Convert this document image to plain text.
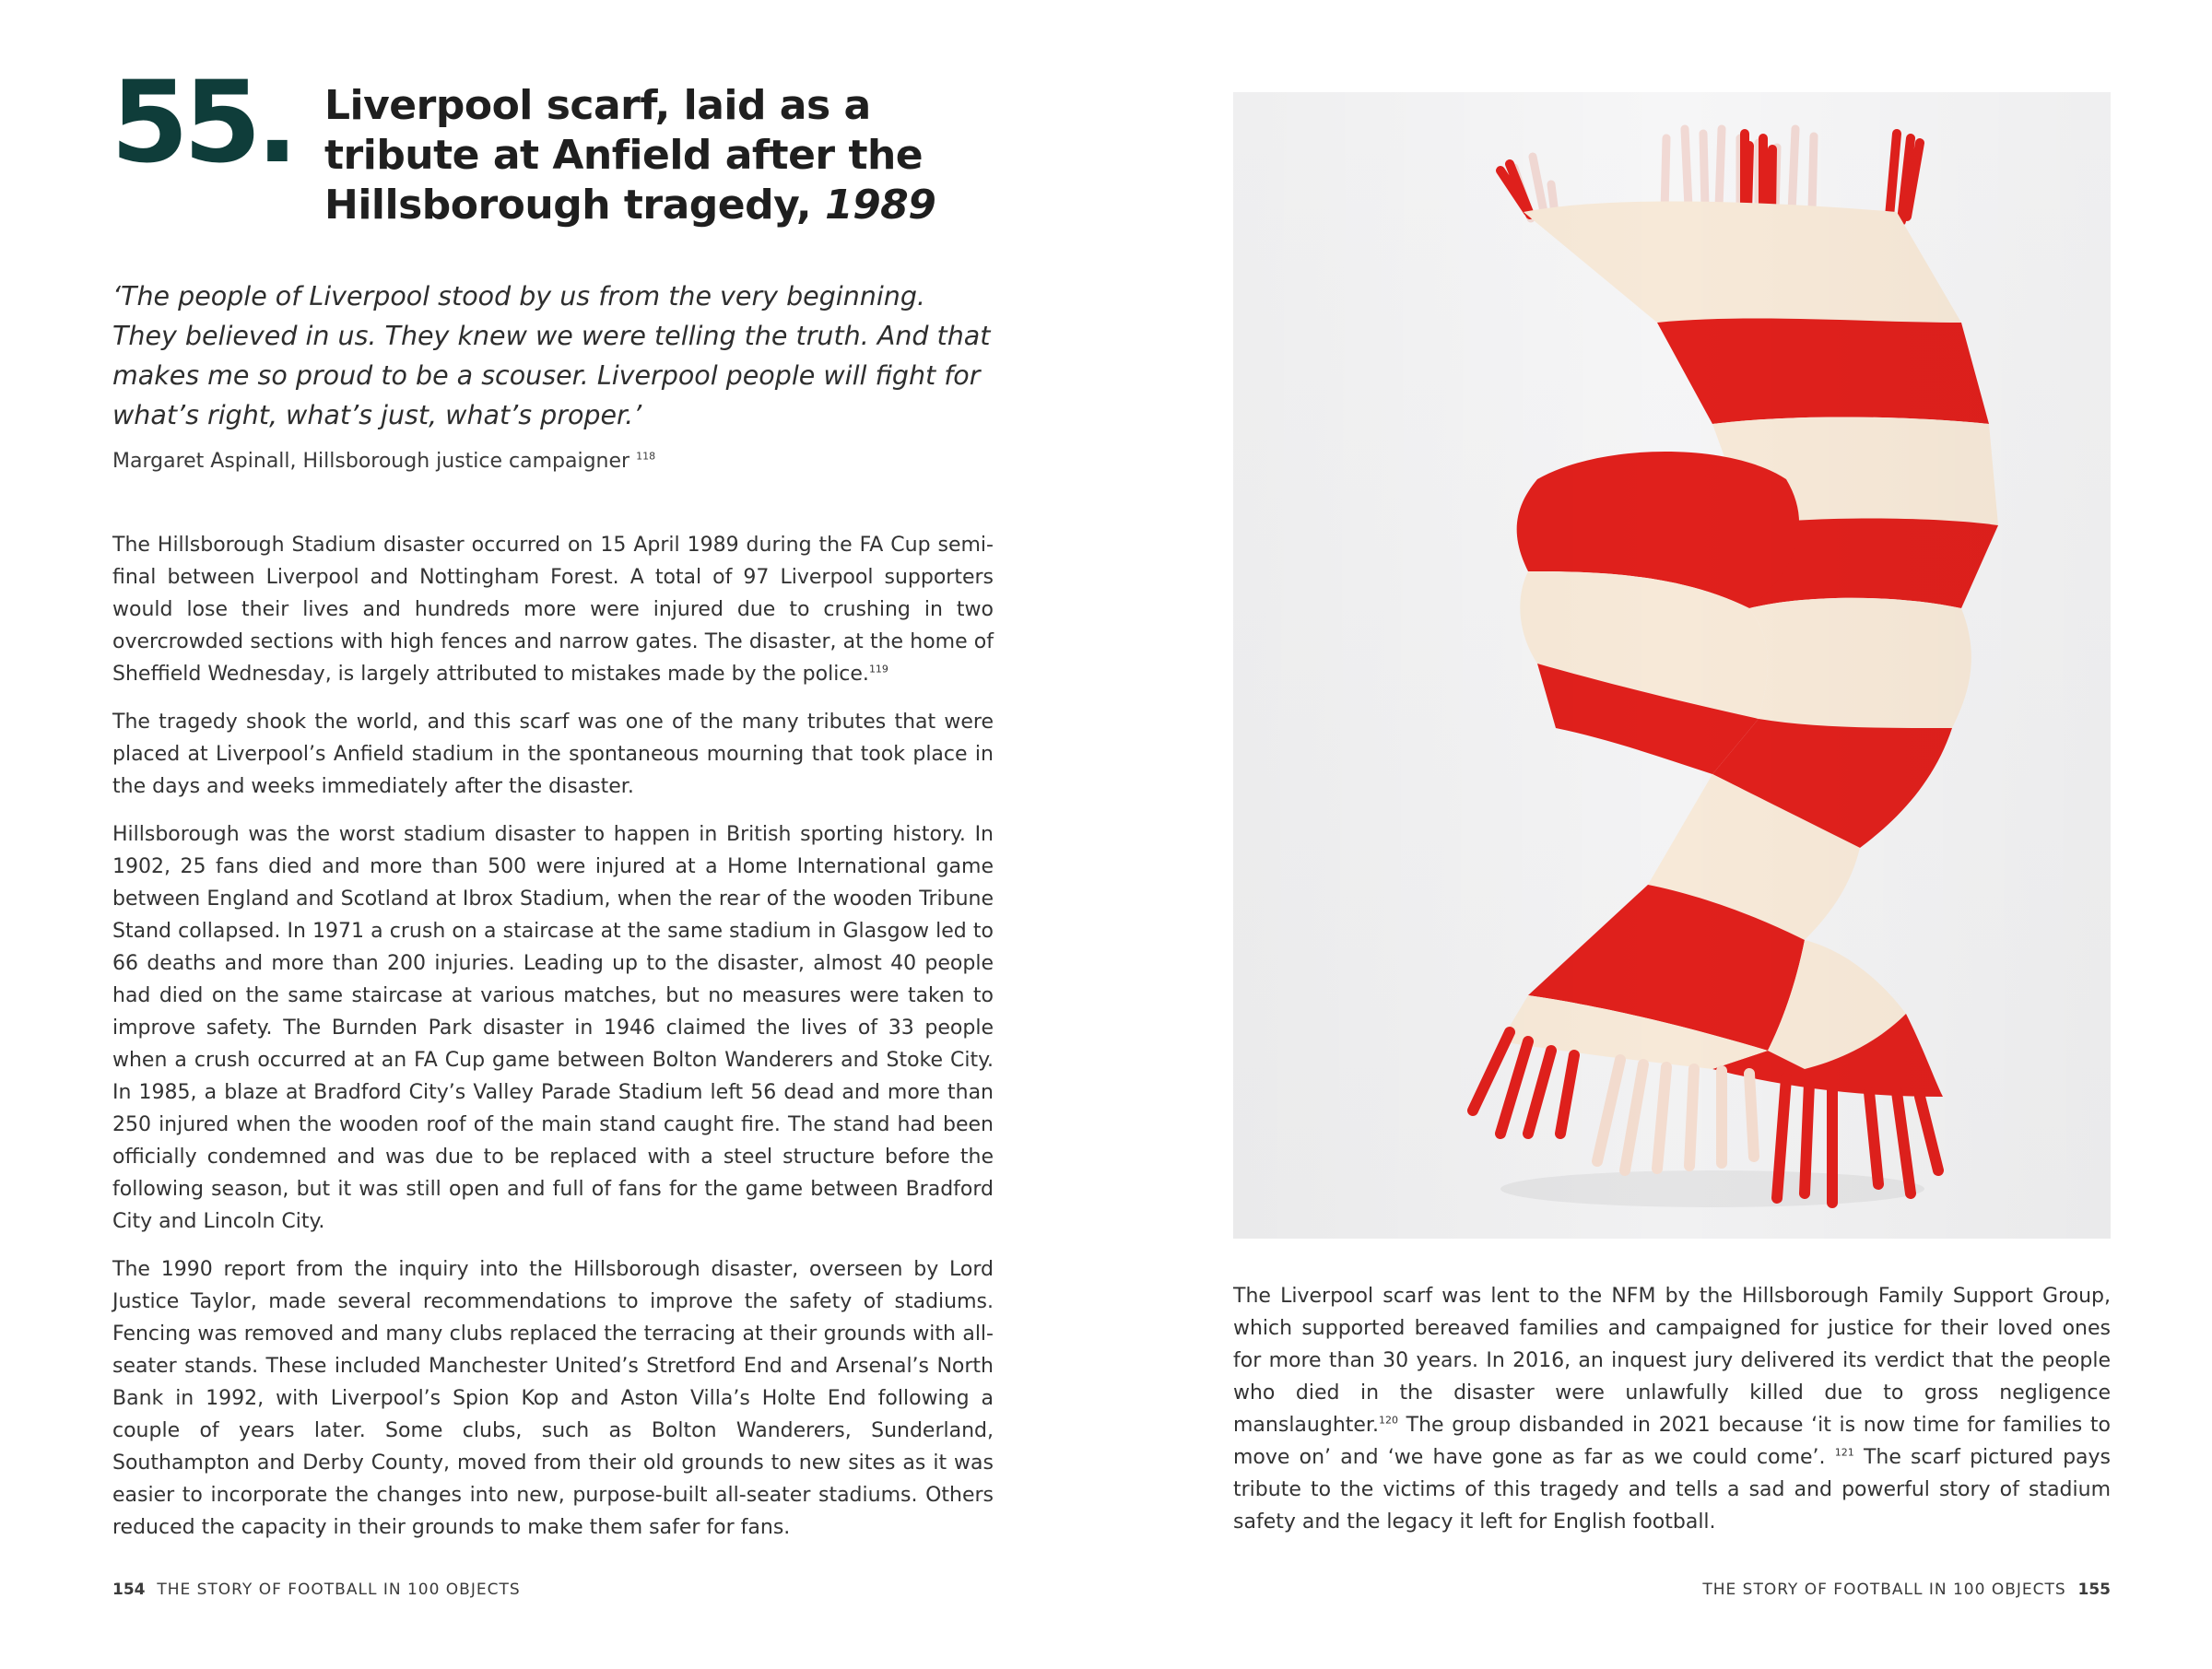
55. Liverpool scarf, laid as a tribute at Anfield after the Hillsborough tragedy, 1989

‘The people of Liverpool stood by us from the very beginning. They believed in us. They knew we were telling the truth. And that makes me so proud to be a scouser. Liverpool people will fight for what’s right, what’s just, what’s proper.’

Margaret Aspinall, Hillsborough justice campaigner $^{118}$

The Hillsborough Stadium disaster occurred on 15 April 1989 during the FA Cup semi-final between Liverpool and Nottingham Forest. A total of 97 Liverpool supporters would lose their lives and hundreds more were injured due to crushing in two overcrowded sections with high fences and narrow gates. The disaster, at the home of Sheffield Wednesday, is largely attributed to mistakes made by the police.$^{119}$

The tragedy shook the world, and this scarf was one of the many tributes that were placed at Liverpool’s Anfield stadium in the spontaneous mourning that took place in the days and weeks immediately after the disaster.

Hillsborough was the worst stadium disaster to happen in British sporting history. In 1902, 25 fans died and more than 500 were injured at a Home International game between England and Scotland at Ibrox Stadium, when the rear of the wooden Tribune Stand collapsed. In 1971 a crush on a staircase at the same stadium in Glasgow led to 66 deaths and more than 200 injuries. Leading up to the disaster, almost 40 people had died on the same staircase at various matches, but no measures were taken to improve safety. The Burnden Park disaster in 1946 claimed the lives of 33 people when a crush occurred at an FA Cup game between Bolton Wanderers and Stoke City. In 1985, a blaze at Bradford City’s Valley Parade Stadium left 56 dead and more than 250 injured when the wooden roof of the main stand caught fire. The stand had been officially condemned and was due to be replaced with a steel structure before the following season, but it was still open and full of fans for the game between Bradford City and Lincoln City.

The 1990 report from the inquiry into the Hillsborough disaster, overseen by Lord Justice Taylor, made several recommendations to improve the safety of stadiums. Fencing was removed and many clubs replaced the terracing at their grounds with all-seater stands. These included Manchester United’s Stretford End and Arsenal’s North Bank in 1992, with Liverpool’s Spion Kop and Aston Villa’s Holte End following a couple of years later. Some clubs, such as Bolton Wanderers, Sunderland, Southampton and Derby County, moved from their old grounds to new sites as it was easier to incorporate the changes into new, purpose-built all-seater stadiums. Others reduced the capacity in their grounds to make them safer for fans.

154 THE STORY OF FOOTBALL IN 100 OBJECTS

The Liverpool scarf was lent to the NFM by the Hillsborough Family Support Group, which supported bereaved families and campaigned for justice for their loved ones for more than 30 years. In 2016, an inquest jury delivered its verdict that the people who died in the disaster were unlawfully killed due to gross negligence manslaughter.$^{120}$ The group disbanded in 2021 because ‘it is now time for families to move on’ and ‘we have gone as far as we could come’. $^{121}$ The scarf pictured pays tribute to the victims of this tragedy and tells a sad and powerful story of stadium safety and the legacy it left for English football.

THE STORY OF FOOTBALL IN 100 OBJECTS 155
